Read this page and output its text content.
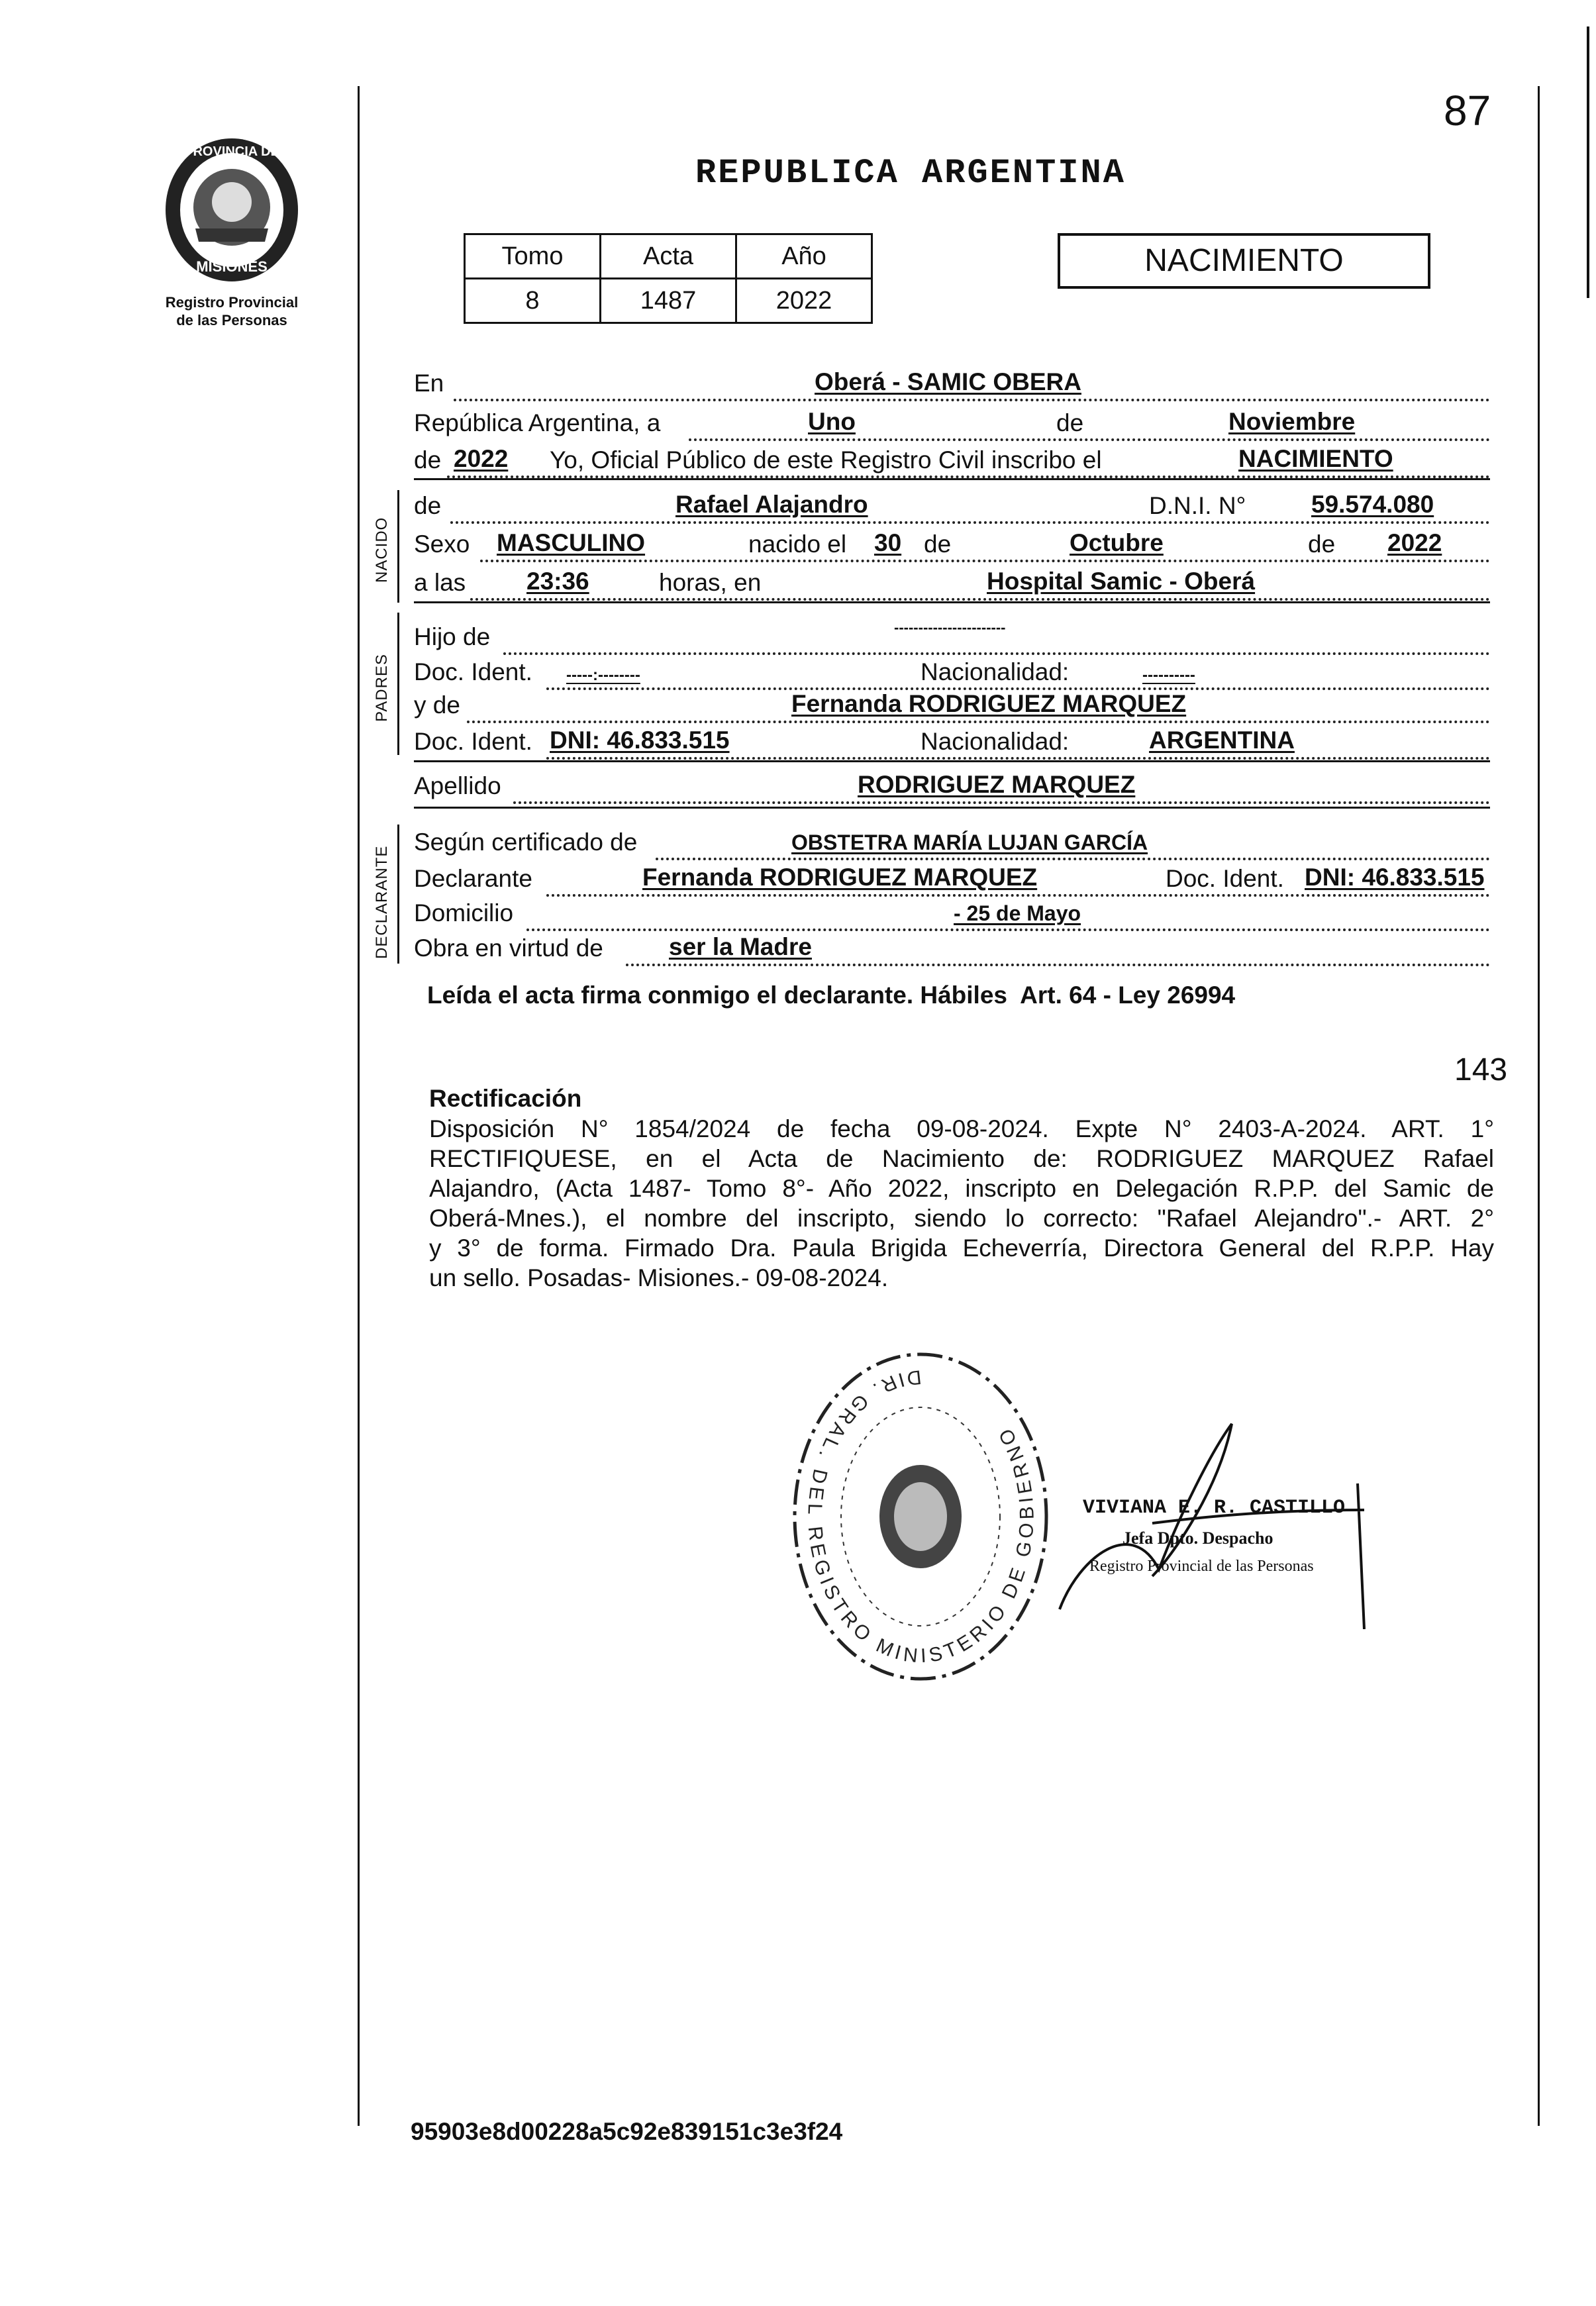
87
PROVINCIA DE
MISIONES
Registro Provincial
de las Personas
REPUBLICA ARGENTINA
Tomo	Acta	Año
8	1487	2022
NACIMIENTO
En	Oberá - SAMIC OBERA
República Argentina, a	Uno	de	Noviembre
de 2022 Yo, Oficial Público de este Registro Civil inscribo el	NACIMIENTO
NACIDO
de	Rafael Alajandro	D.N.I. N°	59.574.080
Sexo MASCULINO	nacido el 30 de	Octubre	de 2022
a las 23:36	horas, en	Hospital Samic - Oberá
PADRES
Hijo de	-----------------------
Doc. Ident. -----:--------	Nacionalidad:	----------
y de	Fernanda RODRIGUEZ MARQUEZ
Doc. Ident. DNI: 46.833.515	Nacionalidad:	ARGENTINA
Apellido	RODRIGUEZ MARQUEZ
DECLARANTE
Según certificado de	OBSTETRA MARÍA LUJAN GARCÍA
Declarante	Fernanda RODRIGUEZ MARQUEZ	Doc. Ident. DNI: 46.833.515
Domicilio	- 25 de Mayo
Obra en virtud de	ser la Madre
Leída el acta firma conmigo el declarante. Hábiles  Art. 64 - Ley 26994
143
Rectificación
Disposición N° 1854/2024 de fecha 09-08-2024. Expte N° 2403-A-2024. ART. 1°
RECTIFIQUESE, en el Acta de Nacimiento de: RODRIGUEZ MARQUEZ Rafael
Alajandro, (Acta 1487- Tomo 8°- Año 2022, inscripto en Delegación R.P.P. del Samic de
Oberá-Mnes.), el nombre del inscripto, siendo lo correcto: "Rafael Alejandro".- ART. 2°
y 3° de forma. Firmado Dra. Paula Brigida Echeverría, Directora General del R.P.P. Hay
un sello. Posadas- Misiones.- 09-08-2024.
DIR. GRAL. DEL REGISTRO MINISTERIO DE GOBIERNO
VIVIANA E. R. CASTILLO
Jefa Dpto. Despacho
Registro Provincial de las Personas
95903e8d00228a5c92e839151c3e3f24
